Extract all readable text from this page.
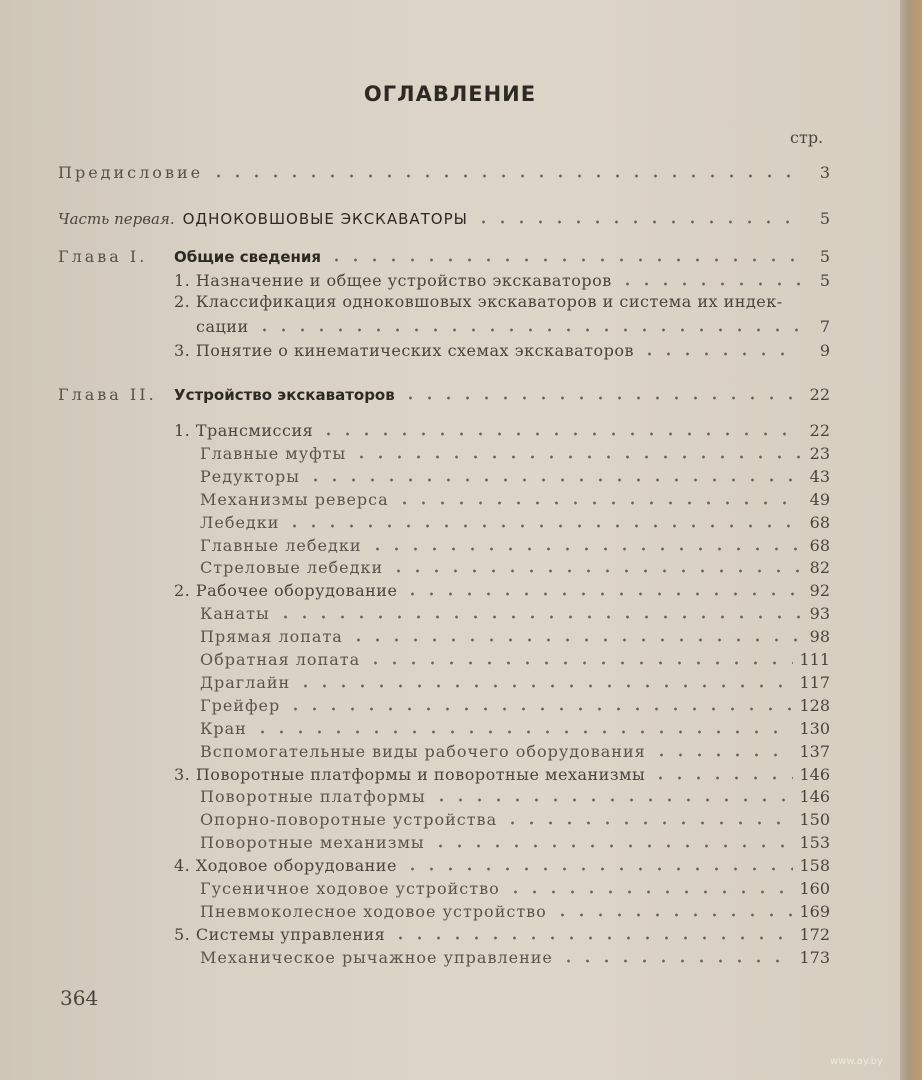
ОГЛАВЛЕНИЕ
стр.
Предисловие	3
Часть первая. ОДНОКОВШОВЫЕ ЭКСКАВАТОРЫ	5
Глава I. Общие сведения	5
1. Назначение и общее устройство экскаваторов	5
2. Классификация одноковшовых экскаваторов и система их индек-
сации	7
3. Понятие о кинематических схемах экскаваторов	9
Глава II. Устройство экскаваторов	22
1. Трансмиссия	22
Главные муфты	23
Редукторы	43
Механизмы реверса	49
Лебедки	68
Главные лебедки	68
Стреловые лебедки	82
2. Рабочее оборудование	92
Канаты	93
Прямая лопата	98
Обратная лопата	111
Драглайн	117
Грейфер	128
Кран	130
Вспомогательные виды рабочего оборудования	137
3. Поворотные платформы и поворотные механизмы	146
Поворотные платформы	146
Опорно-поворотные устройства	150
Поворотные механизмы	153
4. Ходовое оборудование	158
Гусеничное ходовое устройство	160
Пневмоколесное ходовое устройство	169
5. Системы управления	172
Механическое рычажное управление	173
364
www.ay.by
